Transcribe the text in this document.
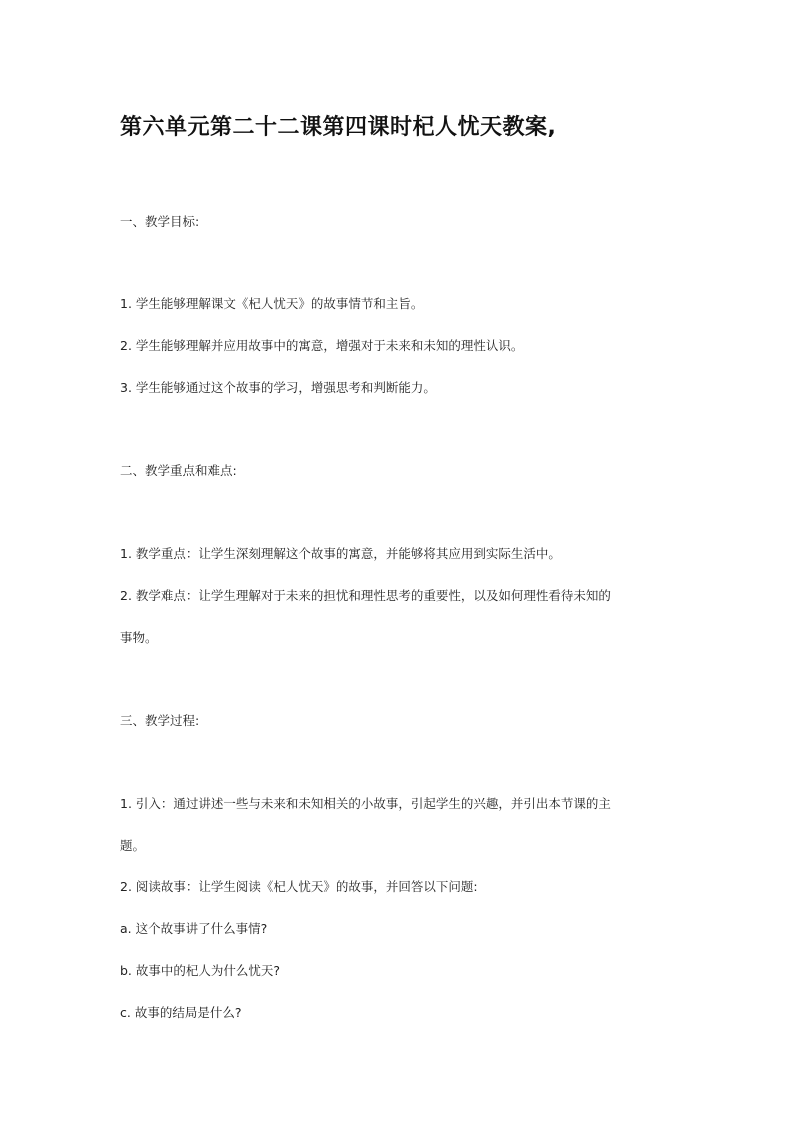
第六单元第二十二课第四课时杞人忧天教案,
一、教学目标:
1. 学生能够理解课文《杞人忧天》的故事情节和主旨。
2. 学生能够理解并应用故事中的寓意，增强对于未来和未知的理性认识。
3. 学生能够通过这个故事的学习，增强思考和判断能力。
二、教学重点和难点:
1. 教学重点：让学生深刻理解这个故事的寓意，并能够将其应用到实际生活中。
2. 教学难点：让学生理解对于未来的担忧和理性思考的重要性，以及如何理性看待未知的
事物。
三、教学过程:
1. 引入：通过讲述一些与未来和未知相关的小故事，引起学生的兴趣，并引出本节课的主
题。
2. 阅读故事：让学生阅读《杞人忧天》的故事，并回答以下问题:
a. 这个故事讲了什么事情?
b. 故事中的杞人为什么忧天?
c. 故事的结局是什么?
